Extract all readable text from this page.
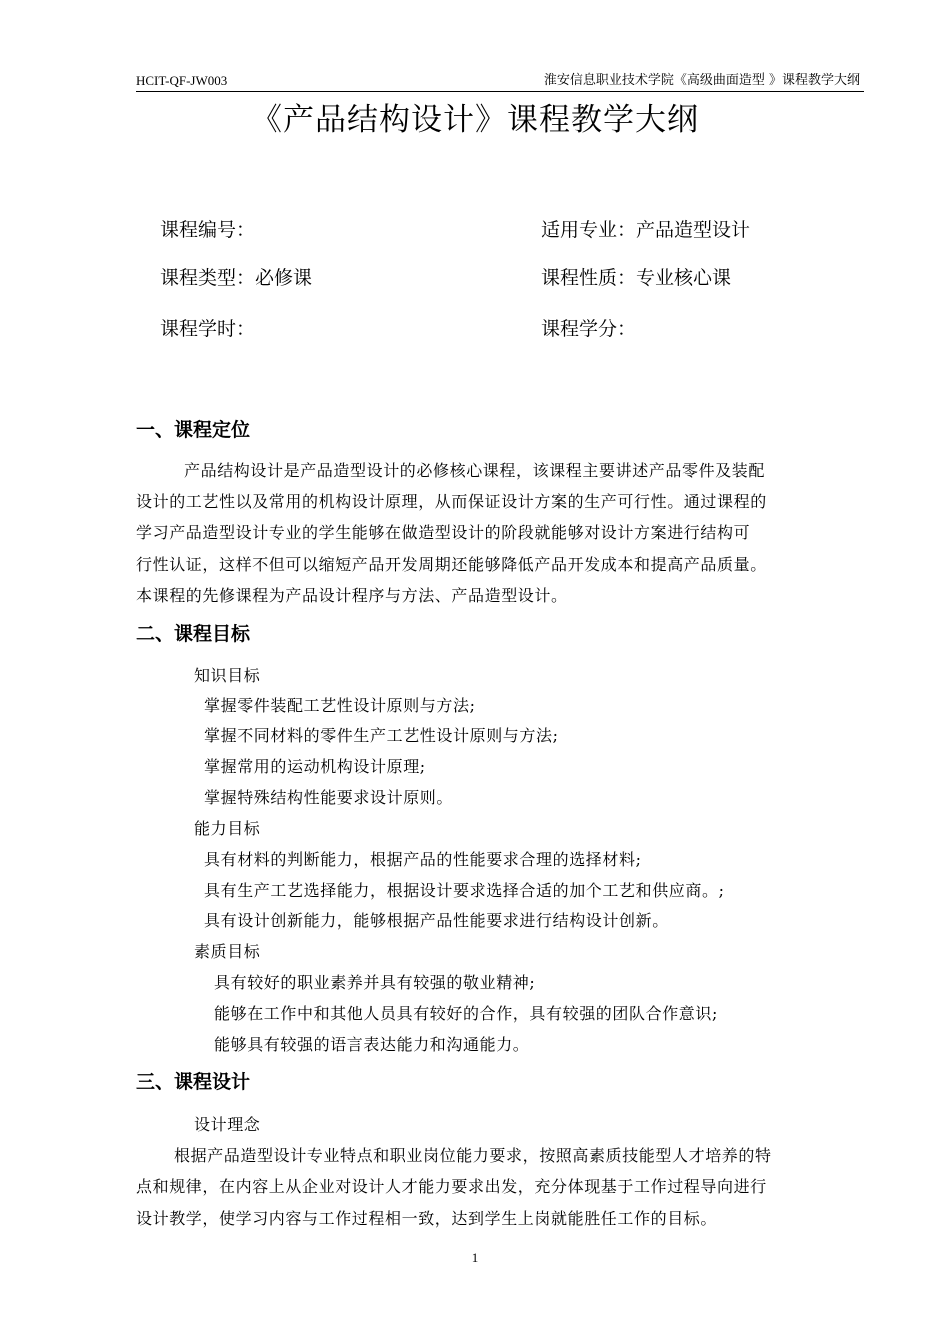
HCIT-QF-JW003	淮安信息职业技术学院《高级曲面造型 》课程教学大纲
《产品结构设计》课程教学大纲
课程编号：	适用专业：产品造型设计
课程类型：必修课	课程性质：专业核心课
课程学时：	课程学分：
一、课程定位
产品结构设计是产品造型设计的必修核心课程，该课程主要讲述产品零件及装配
设计的工艺性以及常用的机构设计原理，从而保证设计方案的生产可行性。通过课程的
学习产品造型设计专业的学生能够在做造型设计的阶段就能够对设计方案进行结构可
行性认证，这样不但可以缩短产品开发周期还能够降低产品开发成本和提高产品质量。
本课程的先修课程为产品设计程序与方法、产品造型设计。
二、课程目标
知识目标
掌握零件装配工艺性设计原则与方法;
掌握不同材料的零件生产工艺性设计原则与方法;
掌握常用的运动机构设计原理;
掌握特殊结构性能要求设计原则。
能力目标
具有材料的判断能力，根据产品的性能要求合理的选择材料;
具有生产工艺选择能力，根据设计要求选择合适的加个工艺和供应商。;
具有设计创新能力，能够根据产品性能要求进行结构设计创新。
素质目标
具有较好的职业素养并具有较强的敬业精神;
能够在工作中和其他人员具有较好的合作，具有较强的团队合作意识;
能够具有较强的语言表达能力和沟通能力。
三、课程设计
设计理念
根据产品造型设计专业特点和职业岗位能力要求，按照高素质技能型人才培养的特
点和规律，在内容上从企业对设计人才能力要求出发，充分体现基于工作过程导向进行
设计教学，使学习内容与工作过程相一致，达到学生上岗就能胜任工作的目标。
1
